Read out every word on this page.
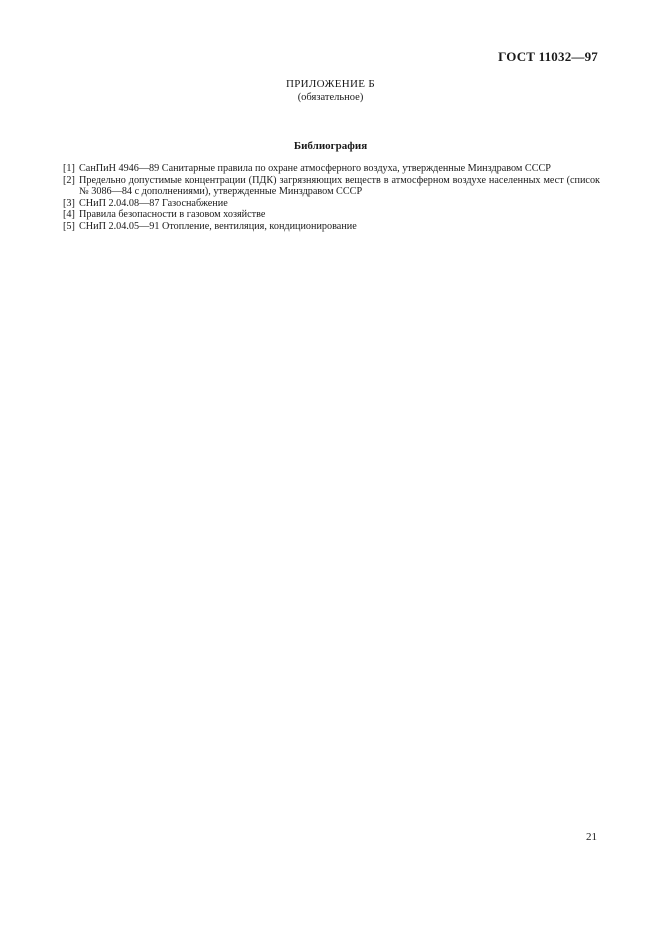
ГОСТ 11032—97
ПРИЛОЖЕНИЕ Б
(обязательное)
Библиография
[1] СанПиН 4946—89 Санитарные правила по охране атмосферного воздуха, утвержденные Минздравом СССР
[2] Предельно допустимые концентрации (ПДК) загрязняющих веществ в атмосферном воздухе населенных мест (список № 3086—84 с дополнениями), утвержденные Минздравом СССР
[3] СНиП 2.04.08—87 Газоснабжение
[4] Правила безопасности в газовом хозяйстве
[5] СНиП 2.04.05—91 Отопление, вентиляция, кондиционирование
21
